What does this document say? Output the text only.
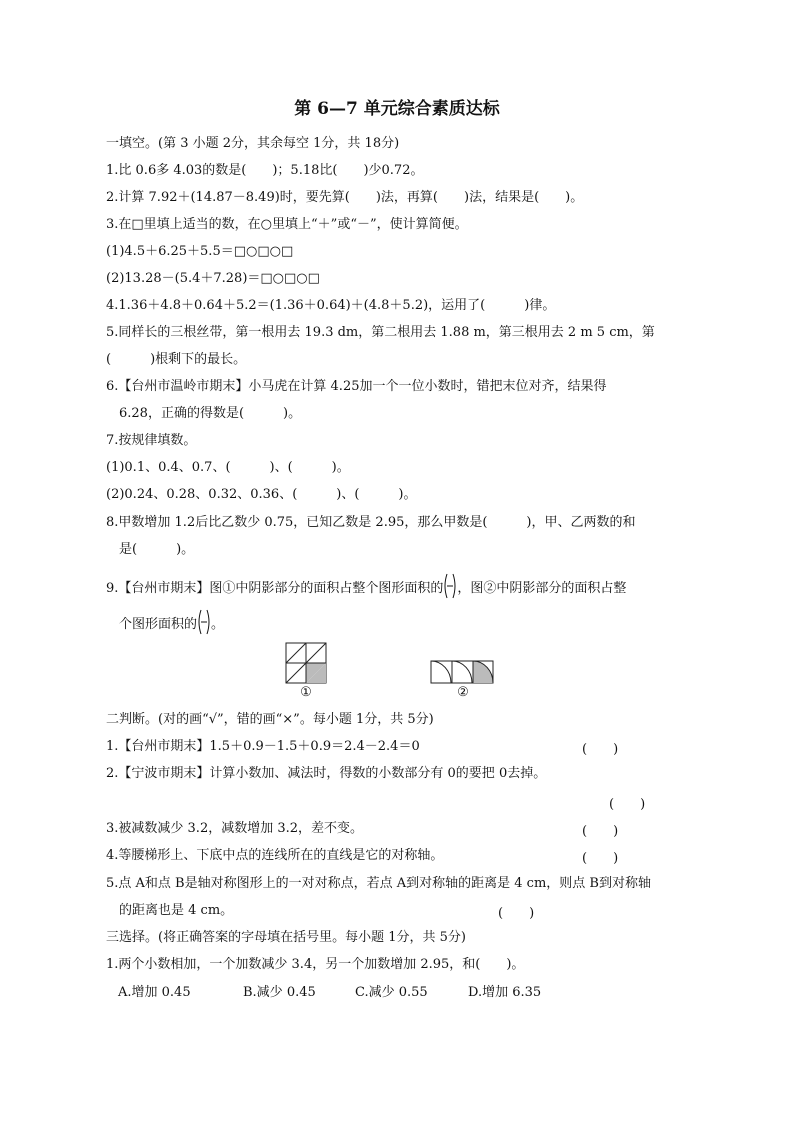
第 6—7 单元综合素质达标
一填空。(第 3 小题 2分，其余每空 1分，共 18分)
1.比 0.6多 4.03的数是(　　)；5.18比(　　)少0.72。
2.计算 7.92＋(14.87－8.49)时，要先算(　　)法，再算(　　)法，结果是(　　)。
3.在□里填上适当的数，在○里填上“＋”或“－”，使计算简便。
(1)4.5＋6.25＋5.5＝□○□○□
(2)13.28－(5.4＋7.28)＝□○□○□
4.1.36＋4.8＋0.64＋5.2＝(1.36＋0.64)＋(4.8＋5.2)，运用了(　　　)律。
5.同样长的三根丝带，第一根用去 19.3 dm，第二根用去 1.88 m，第三根用去 2 m 5 cm，第
(　　　)根剩下的最长。
6.【台州市温岭市期末】小马虎在计算 4.25加一个一位小数时，错把末位对齐，结果得
6.28，正确的得数是(　　　)。
7.按规律填数。
(1)0.1、0.4、0.7、(　　　)、(　　　)。
(2)0.24、0.28、0.32、0.36、(　　　)、(　　　)。
8.甲数增加 1.2后比乙数少 0.75，已知乙数是 2.95，那么甲数是(　　　)，甲、乙两数的和
是(　　　)。
9.【台州市期末】图①中阴影部分的面积占整个图形面积的 ，图②中阴影部分的面积占整
个图形面积的 。
①	②
二判断。(对的画“√”，错的画“×”。每小题 1分，共 5分)
1.【台州市期末】1.5＋0.9－1.5＋0.9＝2.4－2.4＝0	(　　)
2.【宁波市期末】计算小数加、减法时，得数的小数部分有 0的要把 0去掉。
(　　)
3.被减数减少 3.2，减数增加 3.2，差不变。	(　　)
4.等腰梯形上、下底中点的连线所在的直线是它的对称轴。	(　　)
5.点 A和点 B是轴对称图形上的一对对称点，若点 A到对称轴的距离是 4 cm，则点 B到对称轴
的距离也是 4 cm。	(　　)
三选择。(将正确答案的字母填在括号里。每小题 1分，共 5分)
1.两个小数相加，一个加数减少 3.4，另一个加数增加 2.95，和(　　)。
A.增加 0.45	B.减少 0.45	C.减少 0.55	D.增加 6.35
